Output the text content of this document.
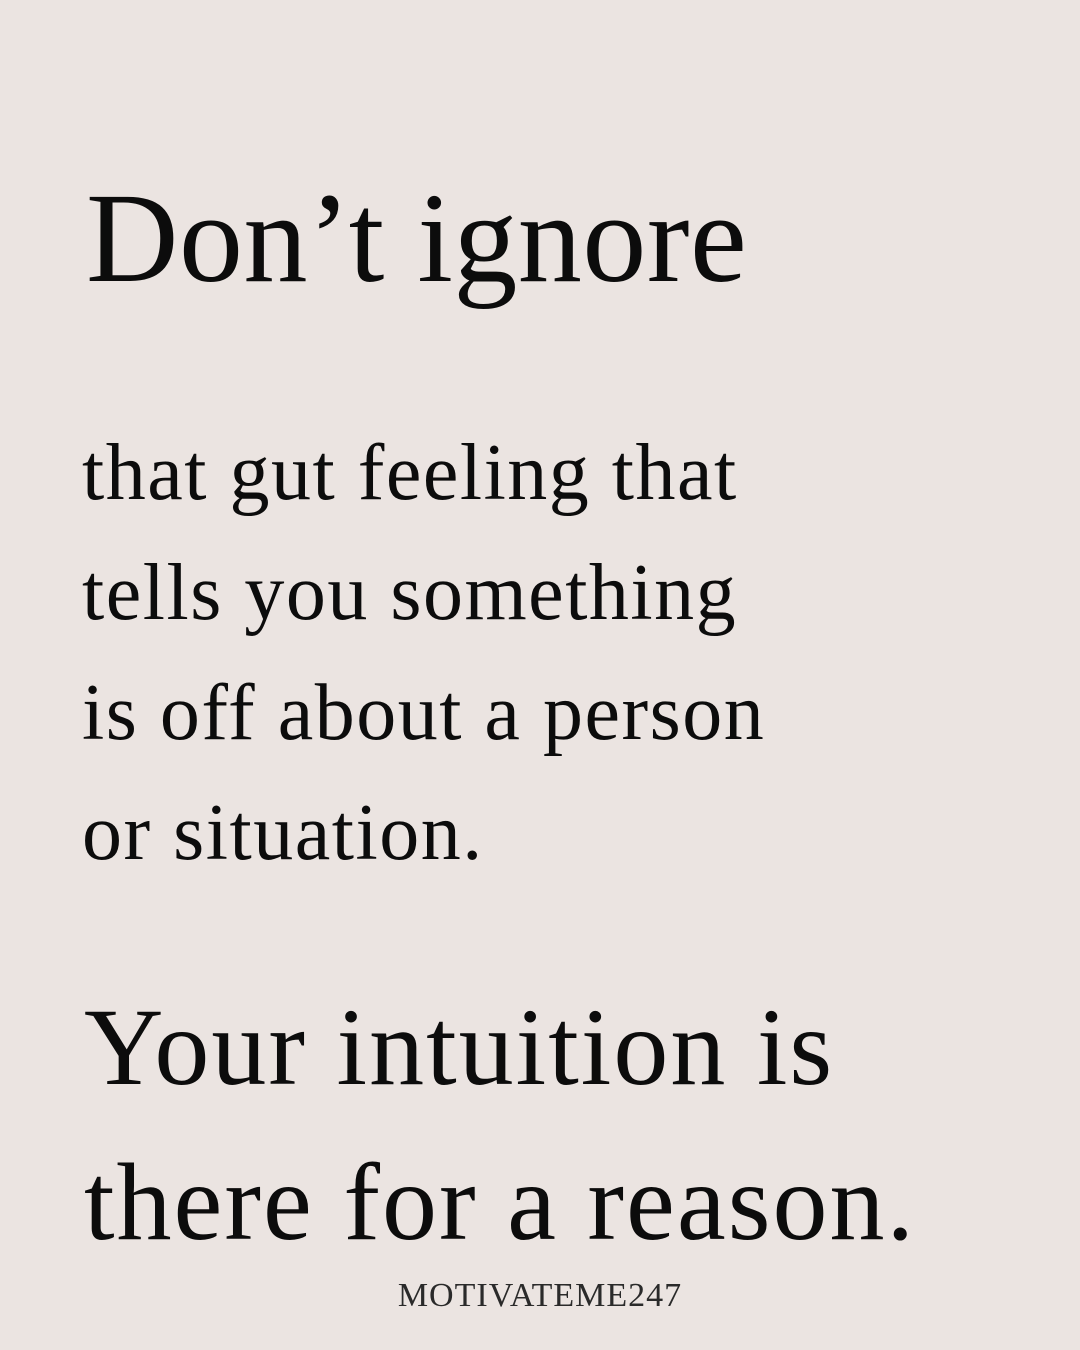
Don’t ignore
that gut feeling that
tells you something
is off about a person
or situation.
Your intuition is
there for a reason.
MOTIVATEME247
